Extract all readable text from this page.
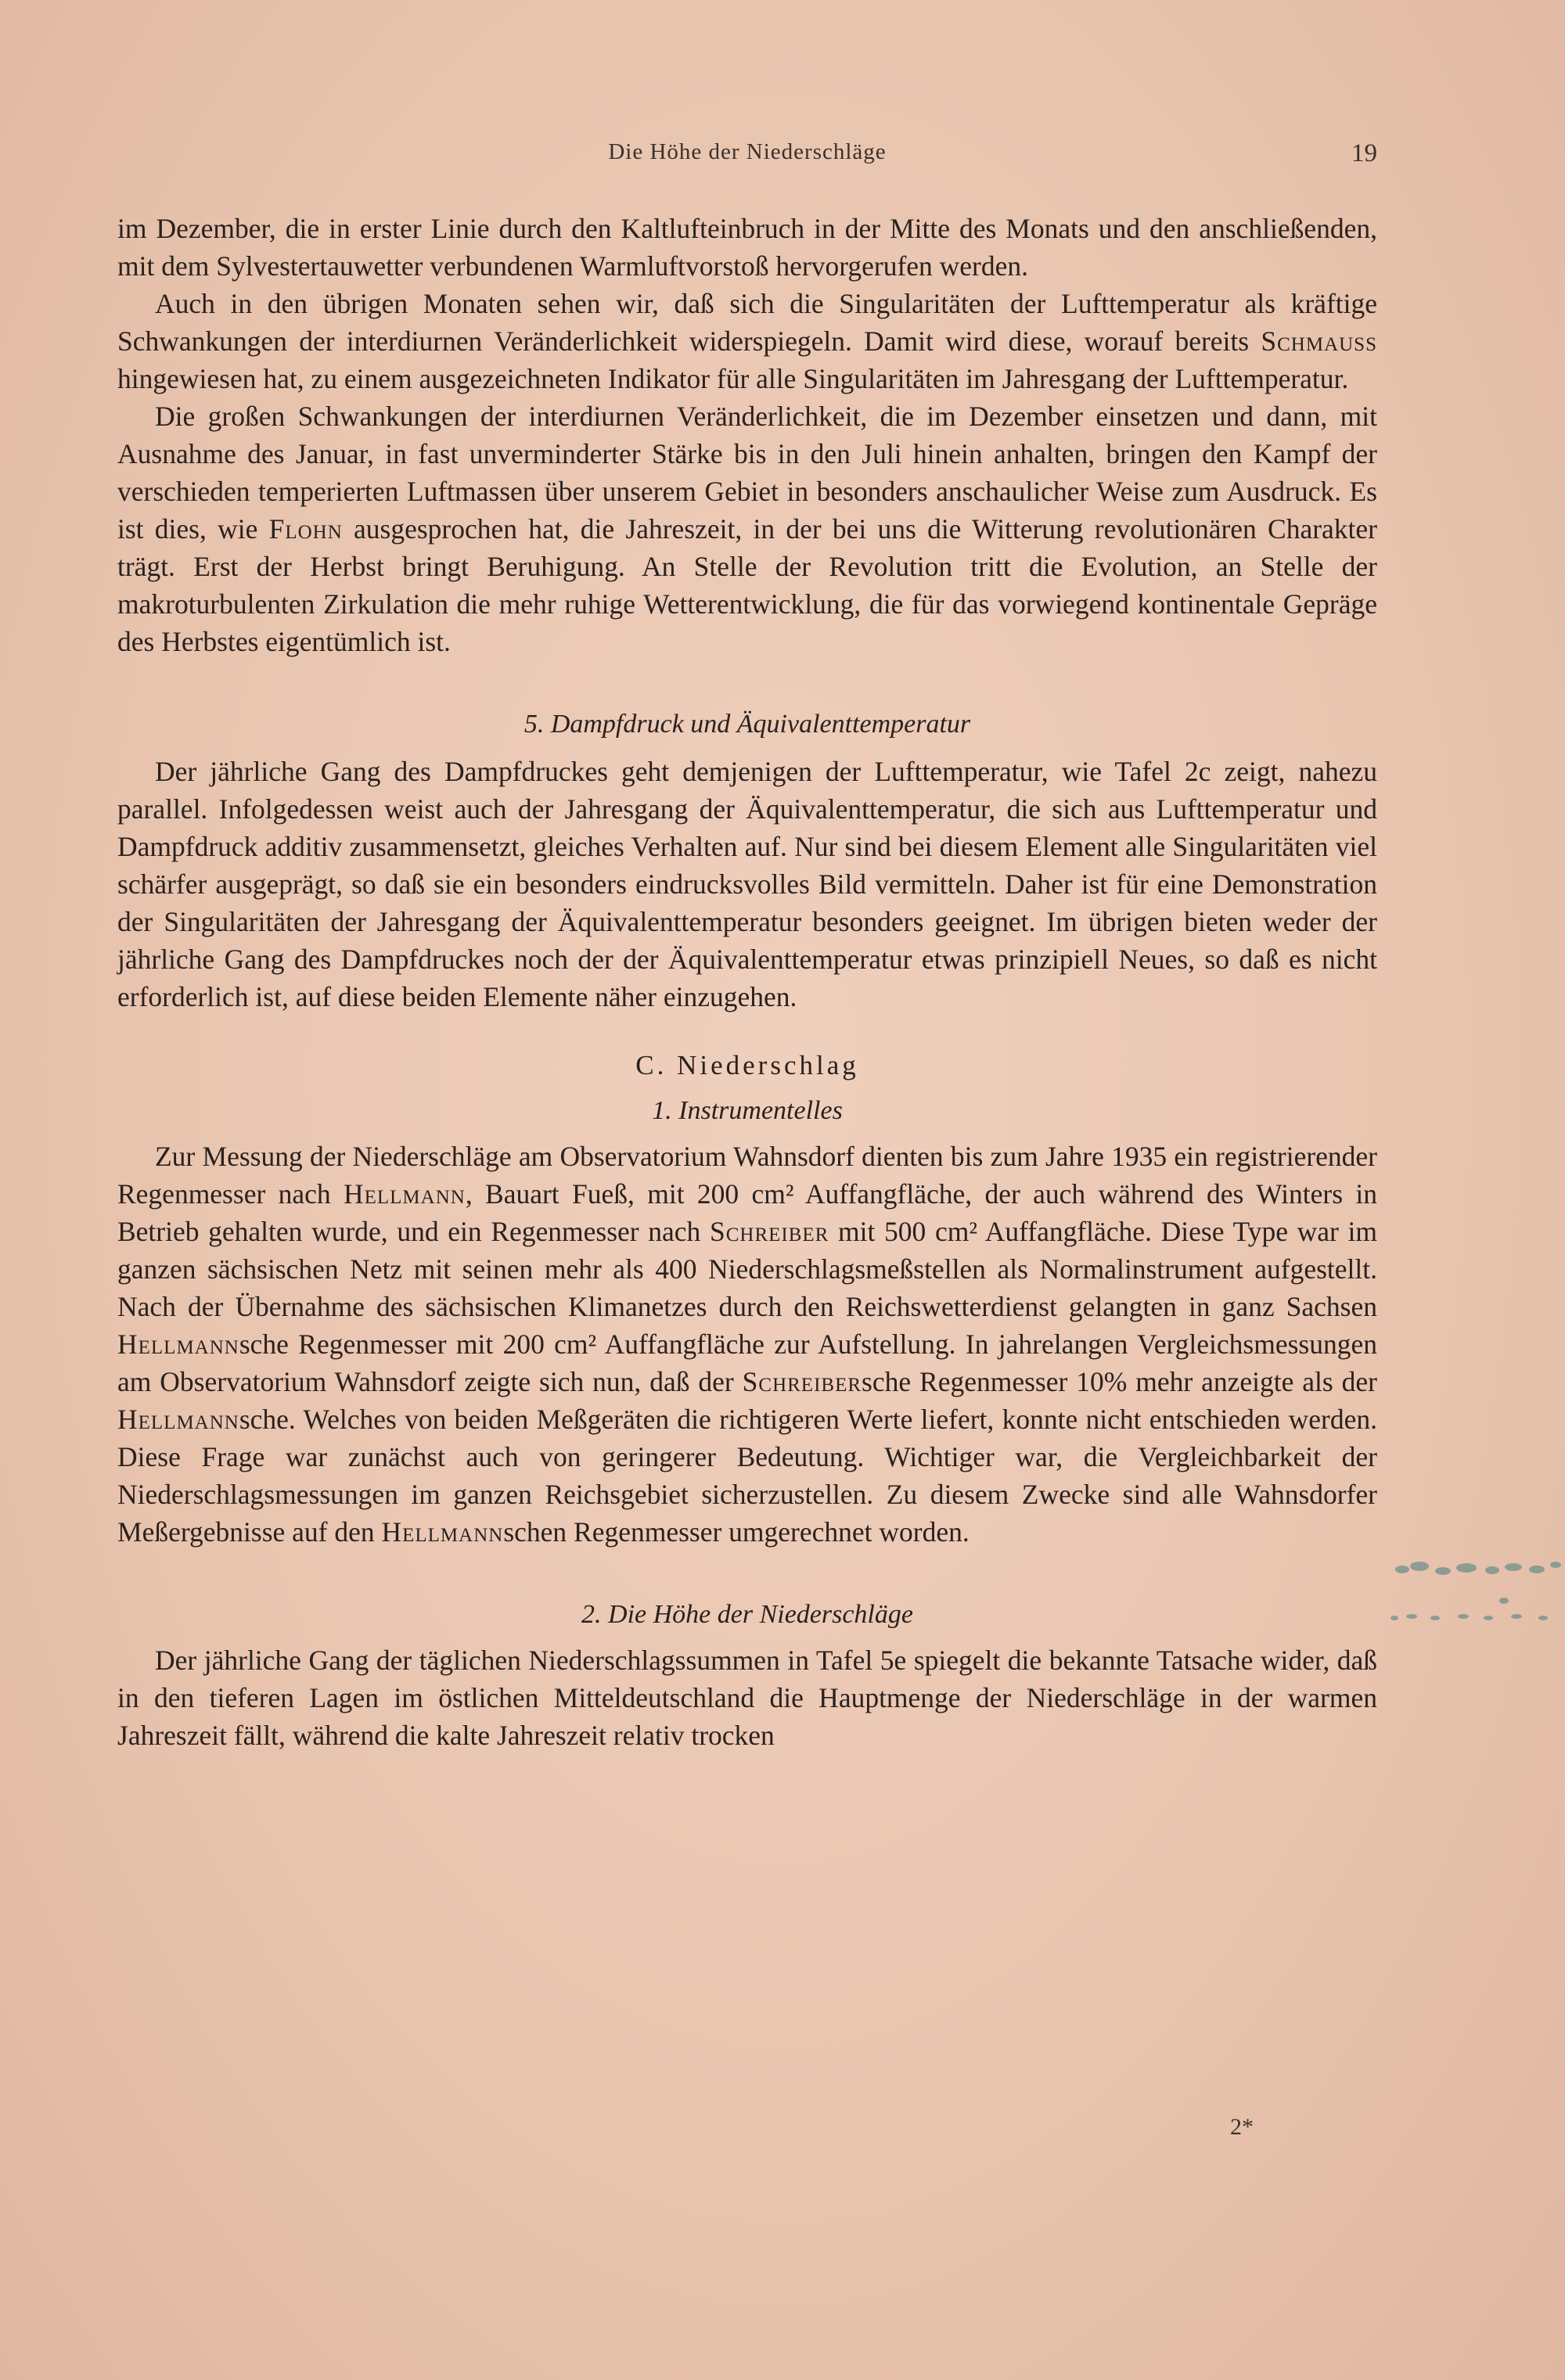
Die Höhe der Niederschläge	19

im Dezember, die in erster Linie durch den Kaltlufteinbruch in der Mitte des Monats und den anschließenden, mit dem Sylvestertauwetter verbundenen Warmluftvorstoß hervorgerufen werden.

Auch in den übrigen Monaten sehen wir, daß sich die Singularitäten der Lufttemperatur als kräftige Schwankungen der interdiurnen Veränderlichkeit widerspiegeln. Damit wird diese, worauf bereits Schmauss hingewiesen hat, zu einem ausgezeichneten Indikator für alle Singularitäten im Jahresgang der Lufttemperatur.

Die großen Schwankungen der interdiurnen Veränderlichkeit, die im Dezember einsetzen und dann, mit Ausnahme des Januar, in fast unverminderter Stärke bis in den Juli hinein anhalten, bringen den Kampf der verschieden temperierten Luftmassen über unserem Gebiet in besonders anschaulicher Weise zum Ausdruck. Es ist dies, wie Flohn ausgesprochen hat, die Jahreszeit, in der bei uns die Witterung revolutionären Charakter trägt. Erst der Herbst bringt Beruhigung. An Stelle der Revolution tritt die Evolution, an Stelle der makroturbulenten Zirkulation die mehr ruhige Wetterentwicklung, die für das vorwiegend kontinentale Gepräge des Herbstes eigentümlich ist.

5. Dampfdruck und Äquivalenttemperatur

Der jährliche Gang des Dampfdruckes geht demjenigen der Lufttemperatur, wie Tafel 2c zeigt, nahezu parallel. Infolgedessen weist auch der Jahresgang der Äquivalenttemperatur, die sich aus Lufttemperatur und Dampfdruck additiv zusammensetzt, gleiches Verhalten auf. Nur sind bei diesem Element alle Singularitäten viel schärfer ausgeprägt, so daß sie ein besonders eindrucksvolles Bild vermitteln. Daher ist für eine Demonstration der Singularitäten der Jahresgang der Äquivalenttemperatur besonders geeignet. Im übrigen bieten weder der jährliche Gang des Dampfdruckes noch der der Äquivalenttemperatur etwas prinzipiell Neues, so daß es nicht erforderlich ist, auf diese beiden Elemente näher einzugehen.

C. Niederschlag

1. Instrumentelles

Zur Messung der Niederschläge am Observatorium Wahnsdorf dienten bis zum Jahre 1935 ein registrierender Regenmesser nach Hellmann, Bauart Fueß, mit 200 cm² Auffangfläche, der auch während des Winters in Betrieb gehalten wurde, und ein Regenmesser nach Schreiber mit 500 cm² Auffangfläche. Diese Type war im ganzen sächsischen Netz mit seinen mehr als 400 Niederschlagsmeßstellen als Normalinstrument aufgestellt. Nach der Übernahme des sächsischen Klimanetzes durch den Reichswetterdienst gelangten in ganz Sachsen Hellmannsche Regenmesser mit 200 cm² Auffangfläche zur Aufstellung. In jahrelangen Vergleichsmessungen am Observatorium Wahnsdorf zeigte sich nun, daß der Schreibersche Regenmesser 10% mehr anzeigte als der Hellmannsche. Welches von beiden Meßgeräten die richtigeren Werte liefert, konnte nicht entschieden werden. Diese Frage war zunächst auch von geringerer Bedeutung. Wichtiger war, die Vergleichbarkeit der Niederschlagsmessungen im ganzen Reichsgebiet sicherzustellen. Zu diesem Zwecke sind alle Wahnsdorfer Meßergebnisse auf den Hellmannschen Regenmesser umgerechnet worden.

2. Die Höhe der Niederschläge

Der jährliche Gang der täglichen Niederschlagssummen in Tafel 5e spiegelt die bekannte Tatsache wider, daß in den tieferen Lagen im östlichen Mitteldeutschland die Hauptmenge der Niederschläge in der warmen Jahreszeit fällt, während die kalte Jahreszeit relativ trocken

2*
